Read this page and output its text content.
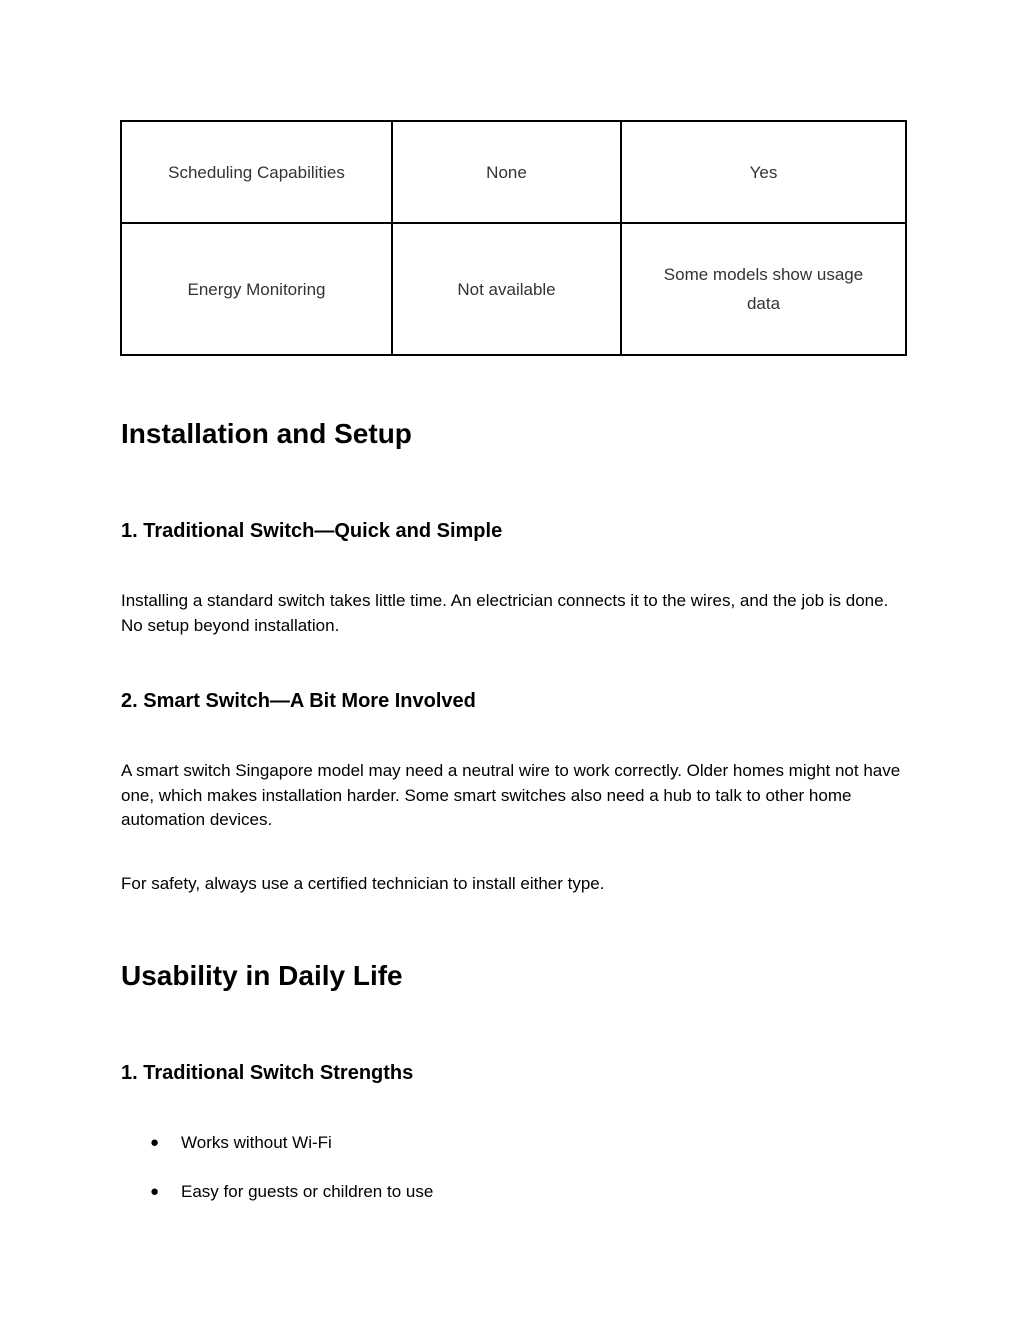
Scheduling Capabilities	None	Yes
Energy Monitoring	Not available	Some models show usage data
Installation and Setup
1. Traditional Switch—Quick and Simple

Installing a standard switch takes little time. An electrician connects it to the wires, and the job is done. No setup beyond installation.

2. Smart Switch—A Bit More Involved

A smart switch Singapore model may need a neutral wire to work correctly. Older homes might not have one, which makes installation harder. Some smart switches also need a hub to talk to other home automation devices.

For safety, always use a certified technician to install either type.

Usability in Daily Life
1. Traditional Switch Strengths
● Works without Wi-Fi
● Easy for guests or children to use
